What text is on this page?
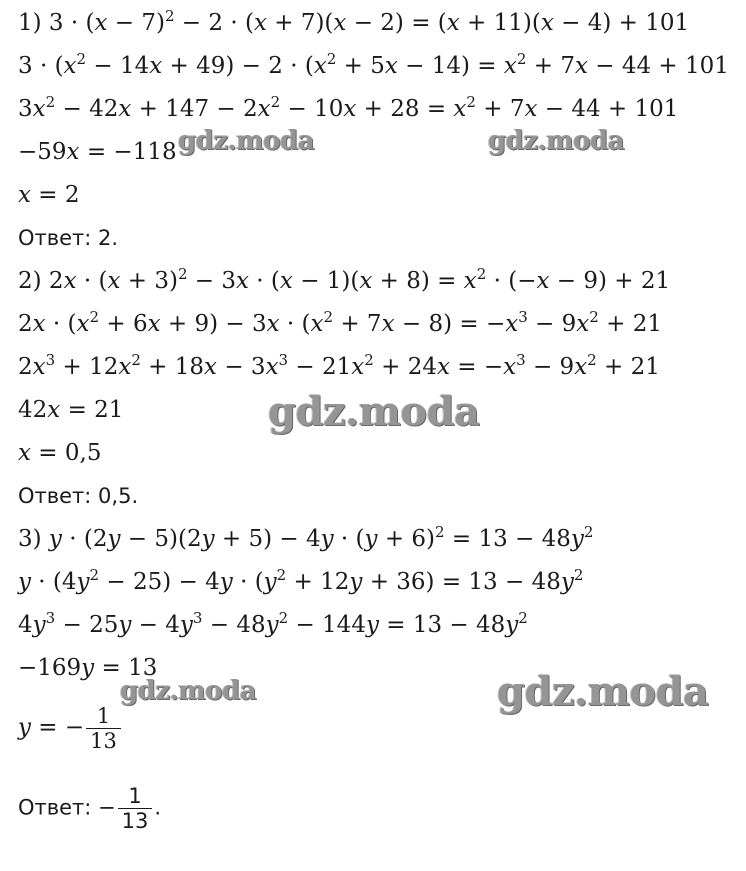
1) $3 \cdot (x - 7)^2 - 2 \cdot (x + 7)(x - 2) = (x + 11)(x - 4) + 101$
$3 \cdot (x^2 - 14x + 49) - 2 \cdot (x^2 + 5x - 14) = x^2 + 7x - 44 + 101$
$3x^2 - 42x + 147 - 2x^2 - 10x + 28 = x^2 + 7x - 44 + 101$
−59x = −118
x = 2
Ответ: 2.
2) $2x \cdot (x + 3)^2 - 3x \cdot (x - 1)(x + 8) = x^2 \cdot (-x - 9) + 21$
$2x \cdot (x^2 + 6x + 9) - 3x \cdot (x^2 + 7x - 8) = -x^3 - 9x^2 + 21$
$2x^3 + 12x^2 + 18x - 3x^3 - 21x^2 + 24x = -x^3 - 9x^2 + 21$
42x = 21
x = 0,5
Ответ: 0,5.
3) $y \cdot (2y - 5)(2y + 5) - 4y \cdot (y + 6)^2 = 13 - 48y^2$
$y \cdot (4y^2 - 25) - 4y \cdot (y^2 + 12y + 36) = 13 - 48y^2$
$4y^3 - 25y - 4y^3 - 48y^2 - 144y = 13 - 48y^2$
−169y = 13
y = − $\frac{1}{13}$
Ответ: − $\frac{1}{13}$ .
gdz.moda	gdz.moda
gdz.moda
gdz.moda	gdz.moda
